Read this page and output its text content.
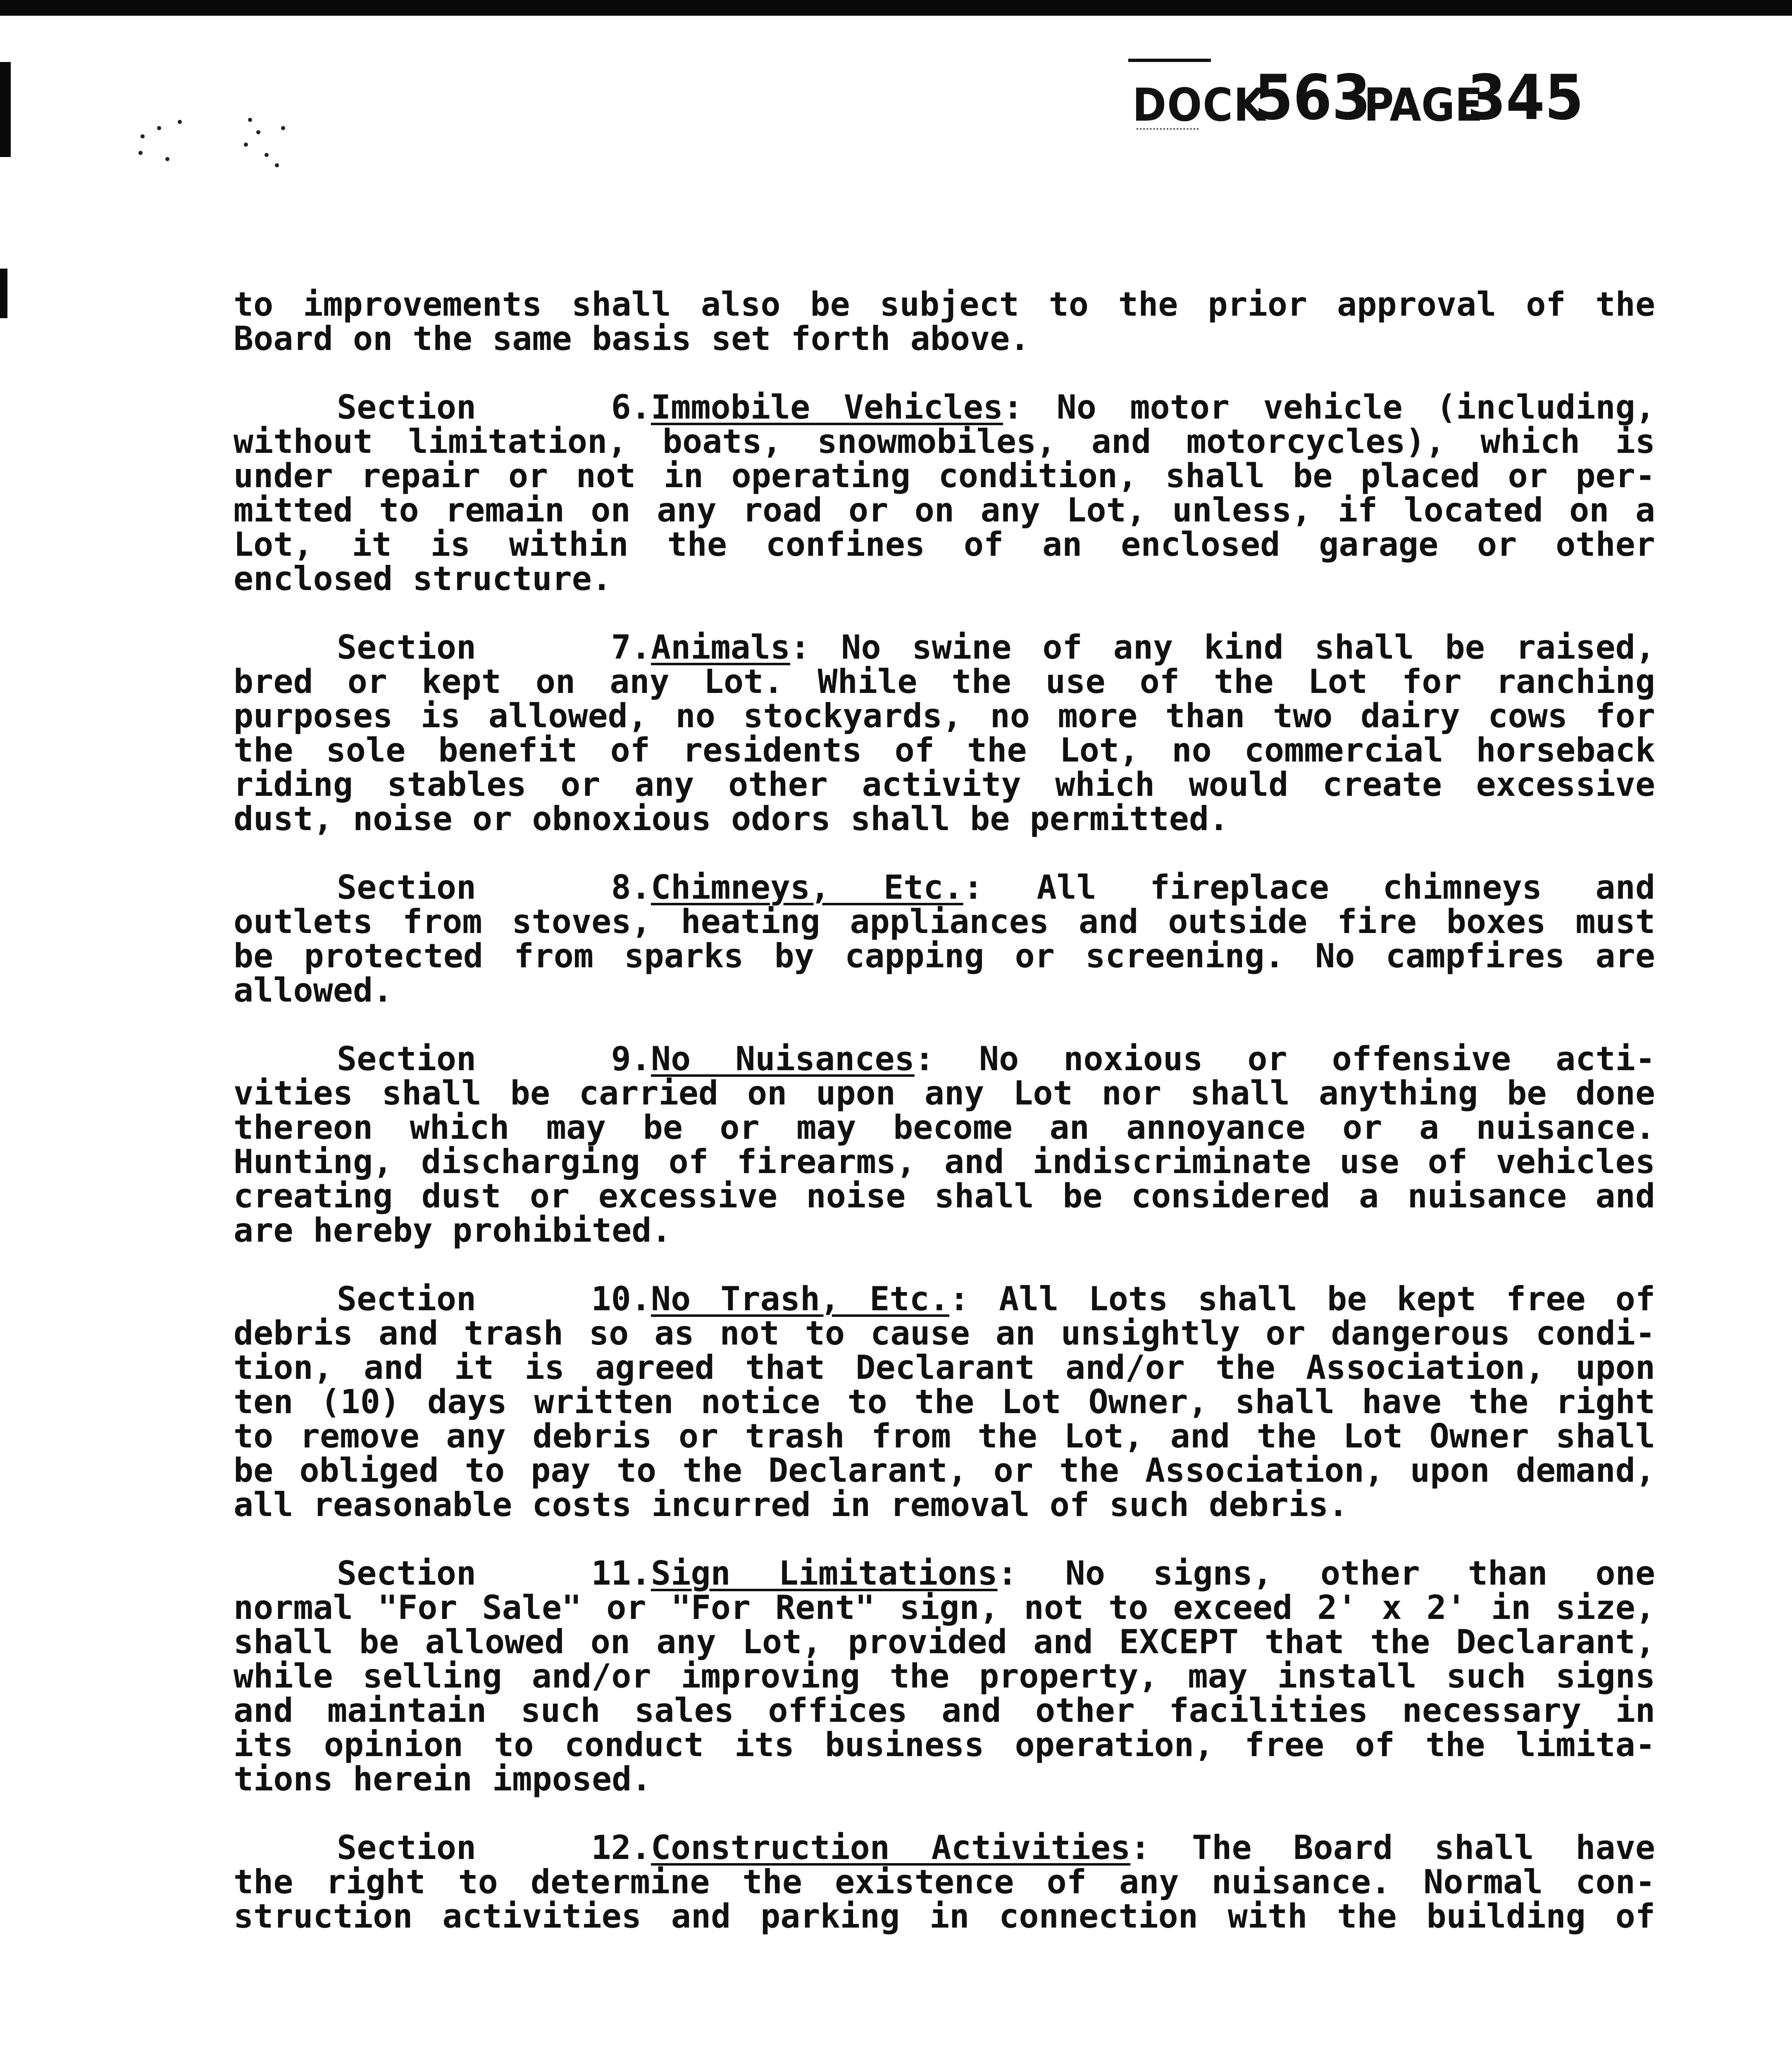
DOCK
563
PAGE
345
to improvements shall also be subject to the prior approval of the
Board on the same basis set forth above.
Section 6.Immobile Vehicles: No motor vehicle (including,
without limitation, boats, snowmobiles, and motorcycles), which is
under repair or not in operating condition, shall be placed or per-
mitted to remain on any road or on any Lot, unless, if located on a
Lot, it is within the confines of an enclosed garage or other
enclosed structure.
Section 7.Animals: No swine of any kind shall be raised,
bred or kept on any Lot. While the use of the Lot for ranching
purposes is allowed, no stockyards, no more than two dairy cows for
the sole benefit of residents of the Lot, no commercial horseback
riding stables or any other activity which would create excessive
dust, noise or obnoxious odors shall be permitted.
Section 8.Chimneys, Etc.: All fireplace chimneys and
outlets from stoves, heating appliances and outside fire boxes must
be protected from sparks by capping or screening. No campfires are
allowed.
Section 9.No Nuisances: No noxious or offensive acti-
vities shall be carried on upon any Lot nor shall anything be done
thereon which may be or may become an annoyance or a nuisance.
Hunting, discharging of firearms, and indiscriminate use of vehicles
creating dust or excessive noise shall be considered a nuisance and
are hereby prohibited.
Section 10.No Trash, Etc.: All Lots shall be kept free of
debris and trash so as not to cause an unsightly or dangerous condi-
tion, and it is agreed that Declarant and/or the Association, upon
ten (10) days written notice to the Lot Owner, shall have the right
to remove any debris or trash from the Lot, and the Lot Owner shall
be obliged to pay to the Declarant, or the Association, upon demand,
all reasonable costs incurred in removal of such debris.
Section 11.Sign Limitations: No signs, other than one
normal "For Sale" or "For Rent" sign, not to exceed 2' x 2' in size,
shall be allowed on any Lot, provided and EXCEPT that the Declarant,
while selling and/or improving the property, may install such signs
and maintain such sales offices and other facilities necessary in
its opinion to conduct its business operation, free of the limita-
tions herein imposed.
Section 12.Construction Activities: The Board shall have
the right to determine the existence of any nuisance. Normal con-
struction activities and parking in connection with the building of
